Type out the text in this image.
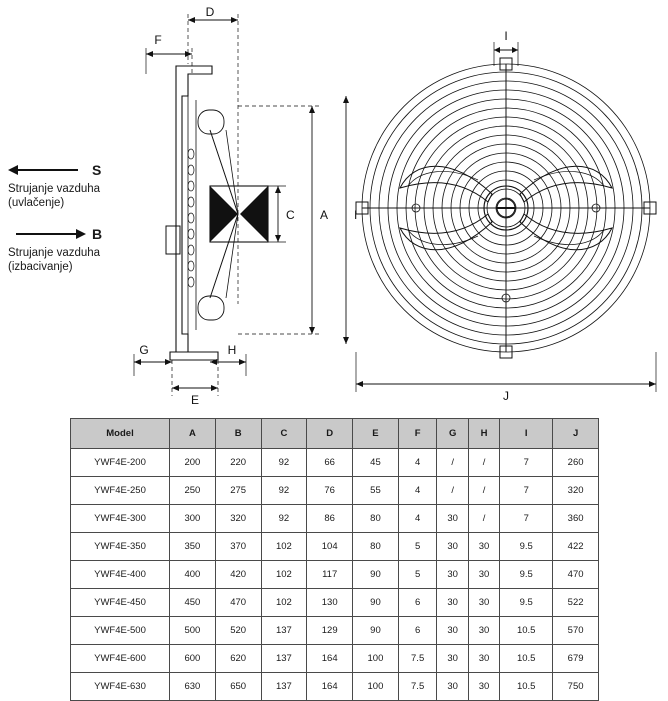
D
F
C A I
G	H
E
I
J
S
Strujanje vazduha
(uvlačenje)
B
Strujanje vazduha
(izbacivanje)
Model	A	B	C	D	E	F	G	H	I	J
YWF4E-200	200	220	92	66	45	4	/	/	7	260
YWF4E-250	250	275	92	76	55	4	/	/	7	320
YWF4E-300	300	320	92	86	80	4	30	/	7	360
YWF4E-350	350	370	102	104	80	5	30	30	9.5	422
YWF4E-400	400	420	102	117	90	5	30	30	9.5	470
YWF4E-450	450	470	102	130	90	6	30	30	9.5	522
YWF4E-500	500	520	137	129	90	6	30	30	10.5	570
YWF4E-600	600	620	137	164	100	7.5	30	30	10.5	679
YWF4E-630	630	650	137	164	100	7.5	30	30	10.5	750
